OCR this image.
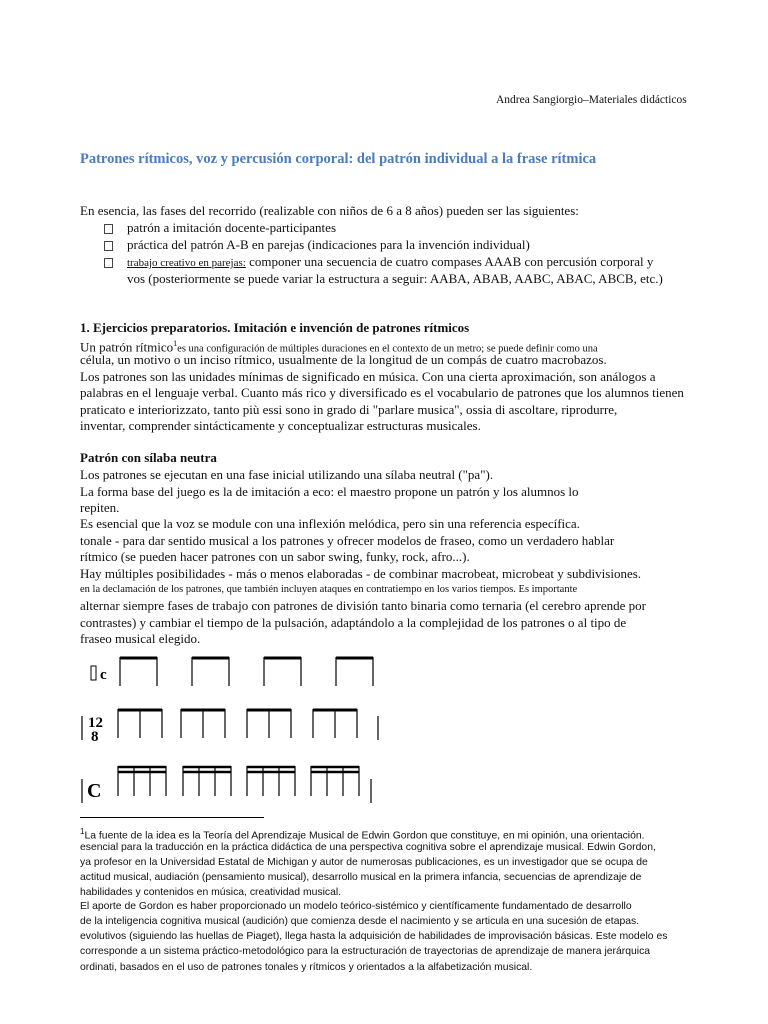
Andrea Sangiorgio–Materiales didácticos
Patrones rítmicos, voz y percusión corporal: del patrón individual a la frase rítmica
En esencia, las fases del recorrido (realizable con niños de 6 a 8 años) pueden ser las siguientes:
patrón a imitación docente-participantes
práctica del patrón A-B en parejas (indicaciones para la invención individual)
trabajo creativo en parejas: componer una secuencia de cuatro compases AAAB con percusión corporal y
vos (posteriormente se puede variar la estructura a seguir: AABA, ABAB, AABC, ABAC, ABCB, etc.)
1. Ejercicios preparatorios. Imitación e invención de patrones rítmicos
Un patrón rítmico$^1$es una configuración de múltiples duraciones en el contexto de un metro; se puede definir como una
célula, un motivo o un inciso rítmico, usualmente de la longitud de un compás de cuatro macrobazos.
Los patrones son las unidades mínimas de significado en música. Con una cierta aproximación, son análogos a
palabras en el lenguaje verbal. Cuanto más rico y diversificado es el vocabulario de patrones que los alumnos tienen
praticato e interiorizzato, tanto più essi sono in grado di "parlare musica", ossia di ascoltare, riprodurre,
inventar, comprender sintácticamente y conceptualizar estructuras musicales.
Patrón con sílaba neutra
Los patrones se ejecutan en una fase inicial utilizando una sílaba neutral ("pa").
La forma base del juego es la de imitación a eco: el maestro propone un patrón y los alumnos lo
repiten.
Es esencial que la voz se module con una inflexión melódica, pero sin una referencia específica.
tonale - para dar sentido musical a los patrones y ofrecer modelos de fraseo, como un verdadero hablar
rítmico (se pueden hacer patrones con un sabor swing, funky, rock, afro...).
Hay múltiples posibilidades - más o menos elaboradas - de combinar macrobeat, microbeat y subdivisiones.
en la declamación de los patrones, que también incluyen ataques en contratiempo en los varios tiempos. Es importante
alternar siempre fases de trabajo con patrones de división tanto binaria como ternaria (el cerebro aprende por
contrastes) y cambiar el tiempo de la pulsación, adaptándolo a la complejidad de los patrones o al tipo de
fraseo musical elegido.
c
12
8
C
$^1$La fuente de la idea es la Teoría del Aprendizaje Musical de Edwin Gordon que constituye, en mi opinión, una orientación.
esencial para la traducción en la práctica didáctica de una perspectiva cognitiva sobre el aprendizaje musical. Edwin Gordon,
ya profesor en la Universidad Estatal de Michigan y autor de numerosas publicaciones, es un investigador que se ocupa de
actitud musical, audiación (pensamiento musical), desarrollo musical en la primera infancia, secuencias de aprendizaje de
habilidades y contenidos en música, creatividad musical.
El aporte de Gordon es haber proporcionado un modelo teórico-sistémico y científicamente fundamentado de desarrollo
de la inteligencia cognitiva musical (audición) que comienza desde el nacimiento y se articula en una sucesión de etapas.
evolutivos (siguiendo las huellas de Piaget), llega hasta la adquisición de habilidades de improvisación básicas. Este modelo es
corresponde a un sistema práctico-metodológico para la estructuración de trayectorias de aprendizaje de manera jerárquica
ordinati, basados en el uso de patrones tonales y rítmicos y orientados a la alfabetización musical.
